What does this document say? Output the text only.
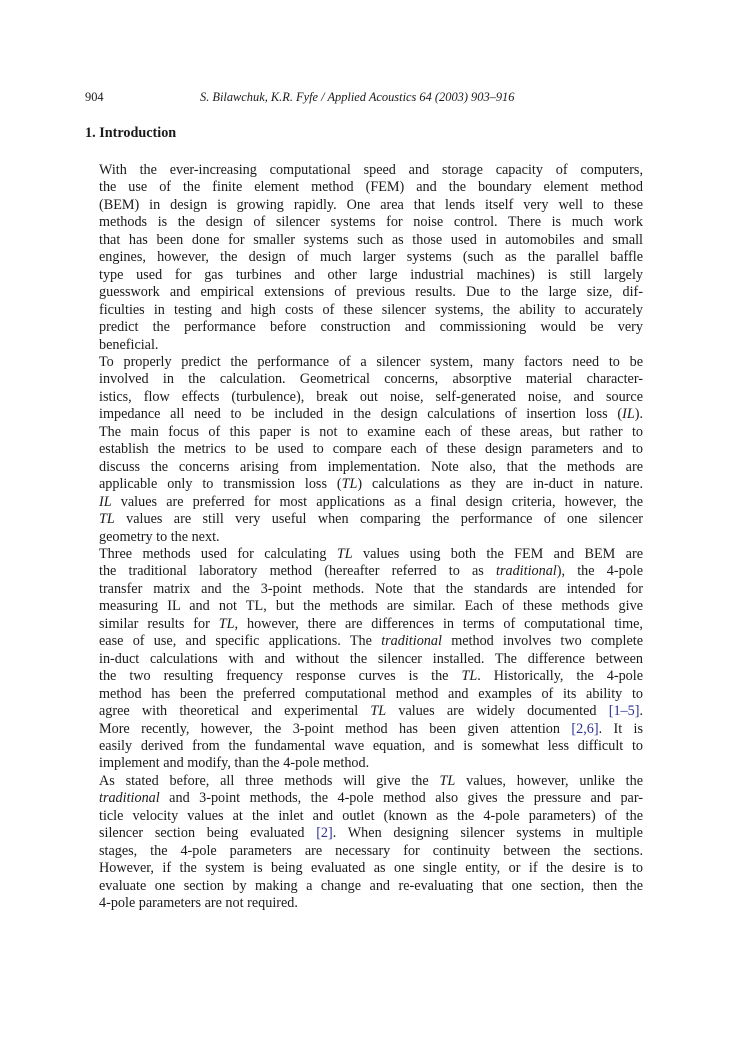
904	S. Bilawchuk, K.R. Fyfe / Applied Acoustics 64 (2003) 903–916
1. Introduction
With the ever-increasing computational speed and storage capacity of computers,
the use of the finite element method (FEM) and the boundary element method
(BEM) in design is growing rapidly. One area that lends itself very well to these
methods is the design of silencer systems for noise control. There is much work
that has been done for smaller systems such as those used in automobiles and small
engines, however, the design of much larger systems (such as the parallel baffle
type used for gas turbines and other large industrial machines) is still largely
guesswork and empirical extensions of previous results. Due to the large size, dif-
ficulties in testing and high costs of these silencer systems, the ability to accurately
predict the performance before construction and commissioning would be very
beneficial.
To properly predict the performance of a silencer system, many factors need to be
involved in the calculation. Geometrical concerns, absorptive material character-
istics, flow effects (turbulence), break out noise, self-generated noise, and source
impedance all need to be included in the design calculations of insertion loss (IL).
The main focus of this paper is not to examine each of these areas, but rather to
establish the metrics to be used to compare each of these design parameters and to
discuss the concerns arising from implementation. Note also, that the methods are
applicable only to transmission loss (TL) calculations as they are in-duct in nature.
IL values are preferred for most applications as a final design criteria, however, the
TL values are still very useful when comparing the performance of one silencer
geometry to the next.
Three methods used for calculating TL values using both the FEM and BEM are
the traditional laboratory method (hereafter referred to as traditional), the 4-pole
transfer matrix and the 3-point methods. Note that the standards are intended for
measuring IL and not TL, but the methods are similar. Each of these methods give
similar results for TL, however, there are differences in terms of computational time,
ease of use, and specific applications. The traditional method involves two complete
in-duct calculations with and without the silencer installed. The difference between
the two resulting frequency response curves is the TL. Historically, the 4-pole
method has been the preferred computational method and examples of its ability to
agree with theoretical and experimental TL values are widely documented [1–5].
More recently, however, the 3-point method has been given attention [2,6]. It is
easily derived from the fundamental wave equation, and is somewhat less difficult to
implement and modify, than the 4-pole method.
As stated before, all three methods will give the TL values, however, unlike the
traditional and 3-point methods, the 4-pole method also gives the pressure and par-
ticle velocity values at the inlet and outlet (known as the 4-pole parameters) of the
silencer section being evaluated [2]. When designing silencer systems in multiple
stages, the 4-pole parameters are necessary for continuity between the sections.
However, if the system is being evaluated as one single entity, or if the desire is to
evaluate one section by making a change and re-evaluating that one section, then the
4-pole parameters are not required.
